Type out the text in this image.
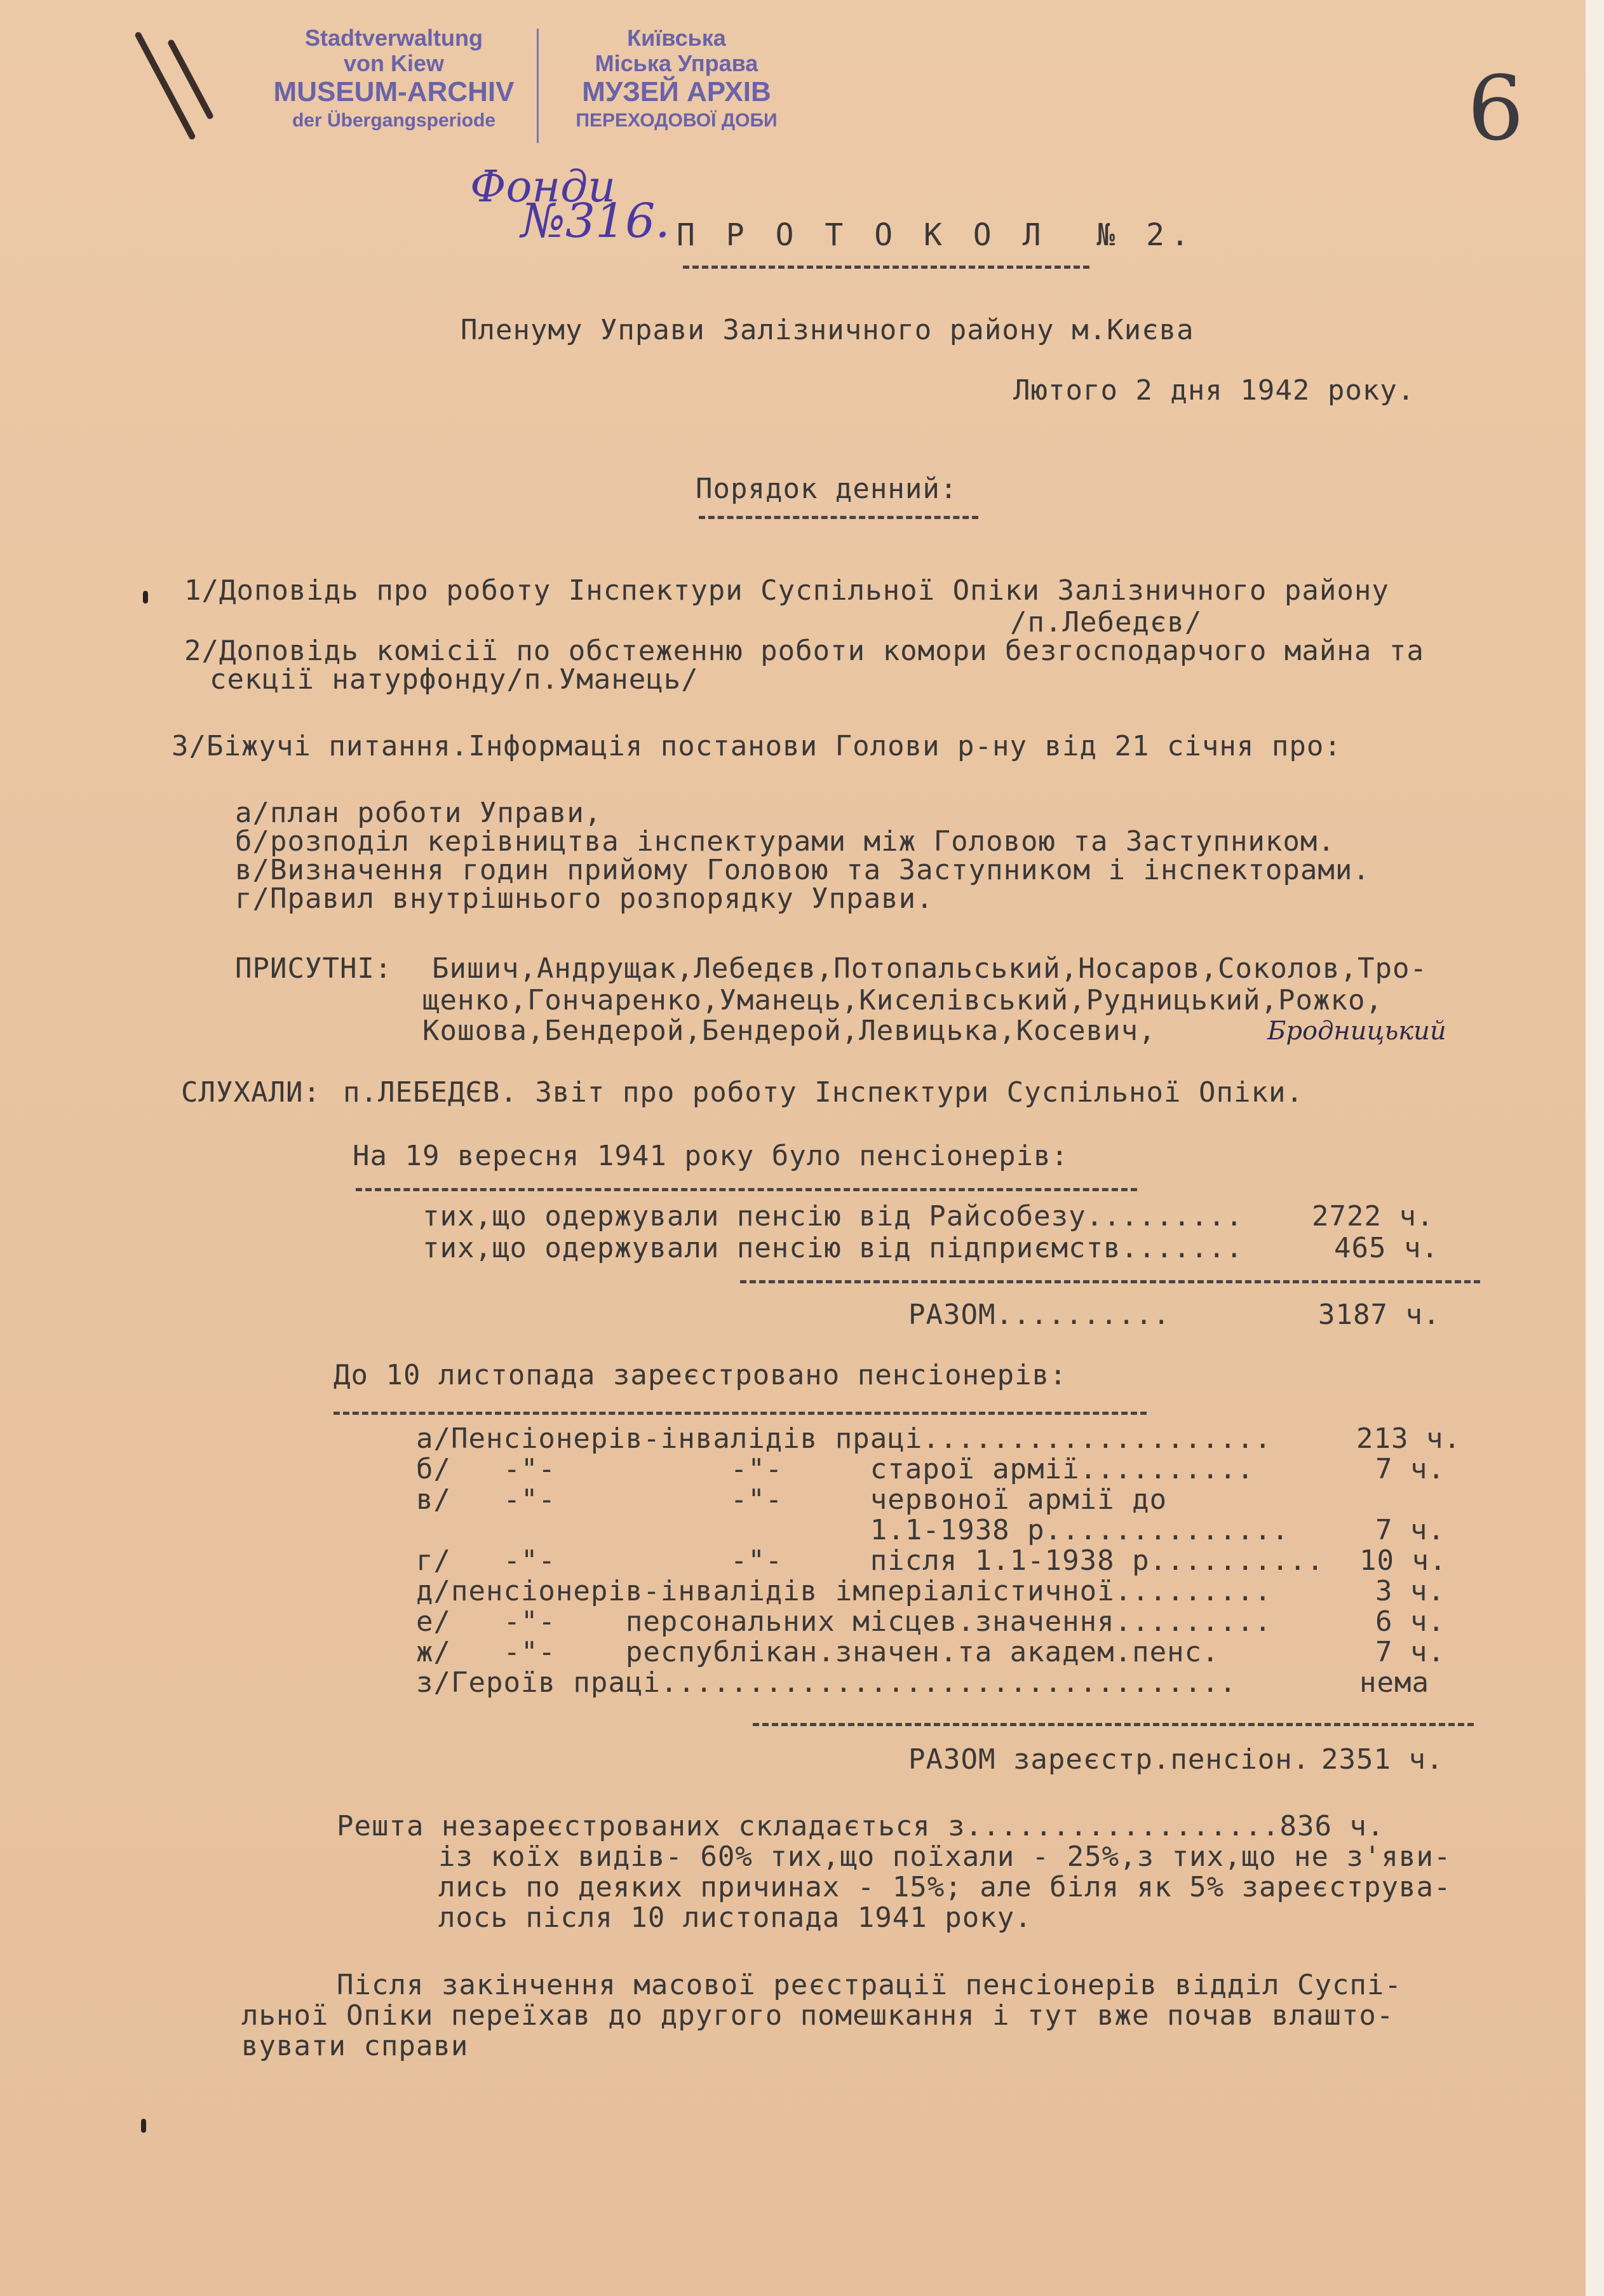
Stadtverwaltung
von Kiew
MUSEUM-ARCHIV
der Übergangsperiode
Київська
Міська Управа
МУЗЕЙ АРХІВ
ПЕРЕХОДОВОЇ ДОБИ
Фонди
№316.
6
П Р О Т О К О Л  № 2.
Пленуму Управи Залізничного району м.Києва
Лютого 2 дня 1942 року.
Порядок денний:
1/Доповідь про роботу Інспектури Суспільної Опіки Залізничного району
/п.Лебедєв/
2/Доповідь комісії по обстеженню роботи комори безгосподарчого майна та
секції натурфонду/п.Уманець/
3/Біжучі питання.Інформація постанови Голови р-ну від 21 січня про:
а/план роботи Управи,
б/розподіл керівництва інспектурами між Головою та Заступником.
в/Визначення годин прийому Головою та Заступником і інспекторами.
г/Правил внутрішнього розпорядку Управи.
ПРИСУТНІ: Бишич,Андрущак,Лебедєв,Потопальський,Носаров,Соколов,Тро-
щенко,Гончаренко,Уманець,Киселівський,Рудницький,Рожко,
Кошова,Бендерой,Бендерой,Левицька,Косевич,	Бродницький
СЛУХАЛИ: п.ЛЕБЕДЄВ. Звіт про роботу Інспектури Суспільної Опіки.
На 19 вересня 1941 року було пенсіонерів:
тих,що одержували пенсію від Райсобезу......... 2722 ч.
тих,що одержували пенсію від підприємств.......	465 ч.
РАЗОМ..........	3187 ч.
До 10 листопада зареєстровано пенсіонерів:
а/Пенсіонерів-інвалідів праці....................	213 ч.
б/   -"-          -"-     старої армії..........	7 ч.
в/   -"-          -"-     червоної армії до
1.1-1938 р..............	7 ч.
г/   -"-          -"-     після 1.1-1938 р.......... 10 ч.
д/пенсіонерів-інвалідів імперіалістичної.........	3 ч.
е/   -"-    персональних місцев.значення.........	6 ч.
ж/   -"-    республікан.значен.та академ.пенс.	7 ч.
з/Героїв праці.................................	нема
РАЗОМ зареєстр.пенсіон. 2351 ч.
Решта незареєстрованих складається з..................836 ч.
із коїх видів- 60% тих,що поїхали - 25%,з тих,що не з'яви-
лись по деяких причинах - 15%; але біля як 5% зареєструва-
лось після 10 листопада 1941 року.
Після закінчення масової реєстрації пенсіонерів відділ Суспі-
льної Опіки переїхав до другого помешкання і тут вже почав влашто-
вувати справи
